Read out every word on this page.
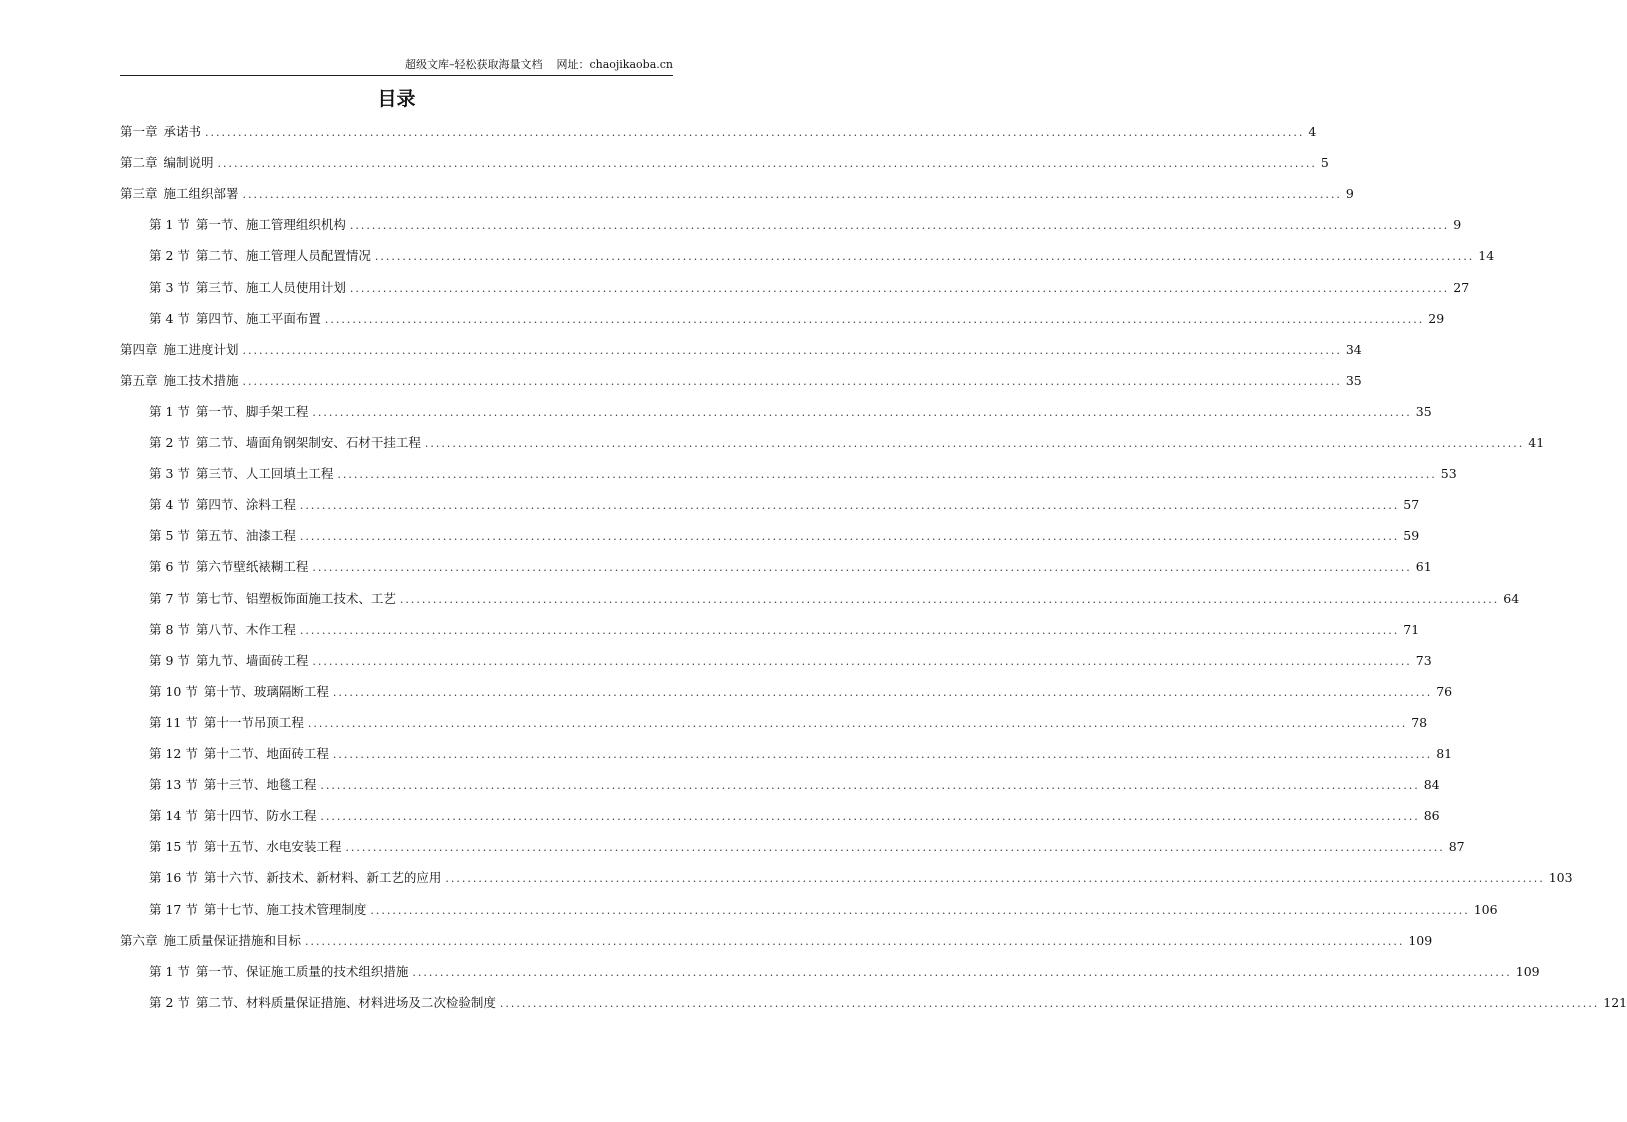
超级文库–轻松获取海量文档 网址：chaojikaoba.cn
目录
第一章 承诺书 ........................................................................................................................................................................................................ 4
第二章 编制说明 ........................................................................................................................................................................................................ 5
第三章 施工组织部署 ........................................................................................................................................................................................................ 9
第 1 节 第一节、施工管理组织机构 ........................................................................................................................................................................................................ 9
第 2 节 第二节、施工管理人员配置情况 ........................................................................................................................................................................................................ 14
第 3 节 第三节、施工人员使用计划 ........................................................................................................................................................................................................ 27
第 4 节 第四节、施工平面布置 ........................................................................................................................................................................................................ 29
第四章 施工进度计划 ........................................................................................................................................................................................................ 34
第五章 施工技术措施 ........................................................................................................................................................................................................ 35
第 1 节 第一节、脚手架工程 ........................................................................................................................................................................................................ 35
第 2 节 第二节、墙面角钢架制安、石材干挂工程 ........................................................................................................................................................................................................ 41
第 3 节 第三节、人工回填土工程 ........................................................................................................................................................................................................ 53
第 4 节 第四节、涂料工程 ........................................................................................................................................................................................................ 57
第 5 节 第五节、油漆工程 ........................................................................................................................................................................................................ 59
第 6 节 第六节壁纸裱糊工程 ........................................................................................................................................................................................................ 61
第 7 节 第七节、铝塑板饰面施工技术、工艺 ........................................................................................................................................................................................................ 64
第 8 节 第八节、木作工程 ........................................................................................................................................................................................................ 71
第 9 节 第九节、墙面砖工程 ........................................................................................................................................................................................................ 73
第 10 节 第十节、玻璃隔断工程 ........................................................................................................................................................................................................ 76
第 11 节 第十一节吊顶工程 ........................................................................................................................................................................................................ 78
第 12 节 第十二节、地面砖工程 ........................................................................................................................................................................................................ 81
第 13 节 第十三节、地毯工程 ........................................................................................................................................................................................................ 84
第 14 节 第十四节、防水工程 ........................................................................................................................................................................................................ 86
第 15 节 第十五节、水电安装工程 ........................................................................................................................................................................................................ 87
第 16 节 第十六节、新技术、新材料、新工艺的应用 ........................................................................................................................................................................................................ 103
第 17 节 第十七节、施工技术管理制度 ........................................................................................................................................................................................................ 106
第六章 施工质量保证措施和目标 ........................................................................................................................................................................................................ 109
第 1 节 第一节、保证施工质量的技术组织措施 ........................................................................................................................................................................................................ 109
第 2 节 第二节、材料质量保证措施、材料进场及二次检验制度 ........................................................................................................................................................................................................ 121
